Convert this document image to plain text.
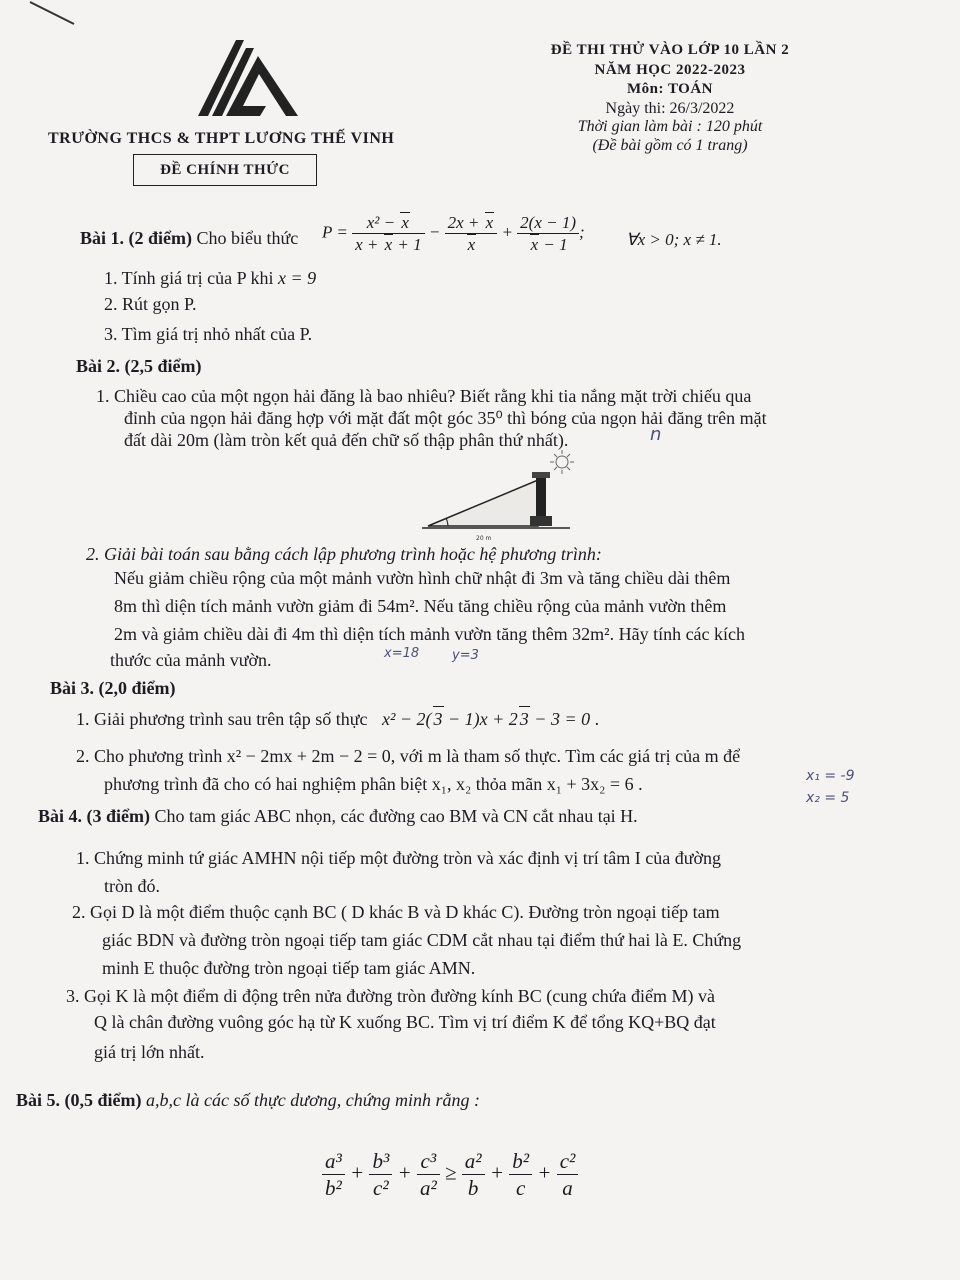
ĐỀ THI THỬ VÀO LỚP 10 LẦN 2
NĂM HỌC 2022-2023
Môn: TOÁN
Ngày thi: 26/3/2022
Thời gian làm bài : 120 phút
(Đề bài gồm có 1 trang)
TRƯỜNG THCS & THPT LƯƠNG THẾ VINH
ĐỀ CHÍNH THỨC
Bài 1. (2 điểm) Cho biểu thức $P = \frac{\text{x² − x}}{x + x + 1} - \frac{2x + x}{x} + \frac{2(x - 1)}{x - 1}$ ; ∀x > 0; x ≠ 1.
1. Tính giá trị của P khi x = 9
2. Rút gọn P.
3. Tìm giá trị nhỏ nhất của P.
Bài 2. (2,5 điểm)
1. Chiều cao của một ngọn hải đăng là bao nhiêu? Biết rằng khi tia nắng mặt trời chiếu qua
đỉnh của ngọn hải đăng hợp với mặt đất một góc 35⁰ thì bóng của ngọn hải đăng trên mặt
đất dài 20m (làm tròn kết quả đến chữ số thập phân thứ nhất).	n
20 m
2. Giải bài toán sau bằng cách lập phương trình hoặc hệ phương trình:
Nếu giảm chiều rộng của một mảnh vườn hình chữ nhật đi 3m và tăng chiều dài thêm
8m thì diện tích mảnh vườn giảm đi 54m². Nếu tăng chiều rộng của mảnh vườn thêm
2m và giảm chiều dài đi 4m thì diện tích mảnh vườn tăng thêm 32m². Hãy tính các kích
thước của mảnh vườn.	x=18	y=3
Bài 3. (2,0 điểm)
1. Giải phương trình sau trên tập số thực x² − 2( 3 − 1)x + 2 3 − 3 = 0 .
2. Cho phương trình x² − 2mx + 2m − 2 = 0, với m là tham số thực. Tìm các giá trị của m để
phương trình đã cho có hai nghiệm phân biệt x₁, x₂ thỏa mãn x₁ + 3x₂ = 6 .	x₁ = -9
x₂ = 5
Bài 4. (3 điểm) Cho tam giác ABC nhọn, các đường cao BM và CN cắt nhau tại H.
1. Chứng minh tứ giác AMHN nội tiếp một đường tròn và xác định vị trí tâm I của đường
tròn đó.
2. Gọi D là một điểm thuộc cạnh BC ( D khác B và D khác C). Đường tròn ngoại tiếp tam
giác BDN và đường tròn ngoại tiếp tam giác CDM cắt nhau tại điểm thứ hai là E. Chứng
minh E thuộc đường tròn ngoại tiếp tam giác AMN.
3. Gọi K là một điểm di động trên nửa đường tròn đường kính BC (cung chứa điểm M) và
Q là chân đường vuông góc hạ từ K xuống BC. Tìm vị trí điểm K để tổng KQ+BQ đạt
giá trị lớn nhất.
Bài 5. (0,5 điểm) a,b,c là các số thực dương, chứng minh rằng :
$\frac{\text{a³}}{\text{b²}} + \frac{\text{b³}}{\text{c²}} + \frac{\text{c³}}{\text{a²}} \ge \frac{\text{a²}}{b} + \frac{\text{b²}}{c} + \frac{\text{c²}}{a}$
